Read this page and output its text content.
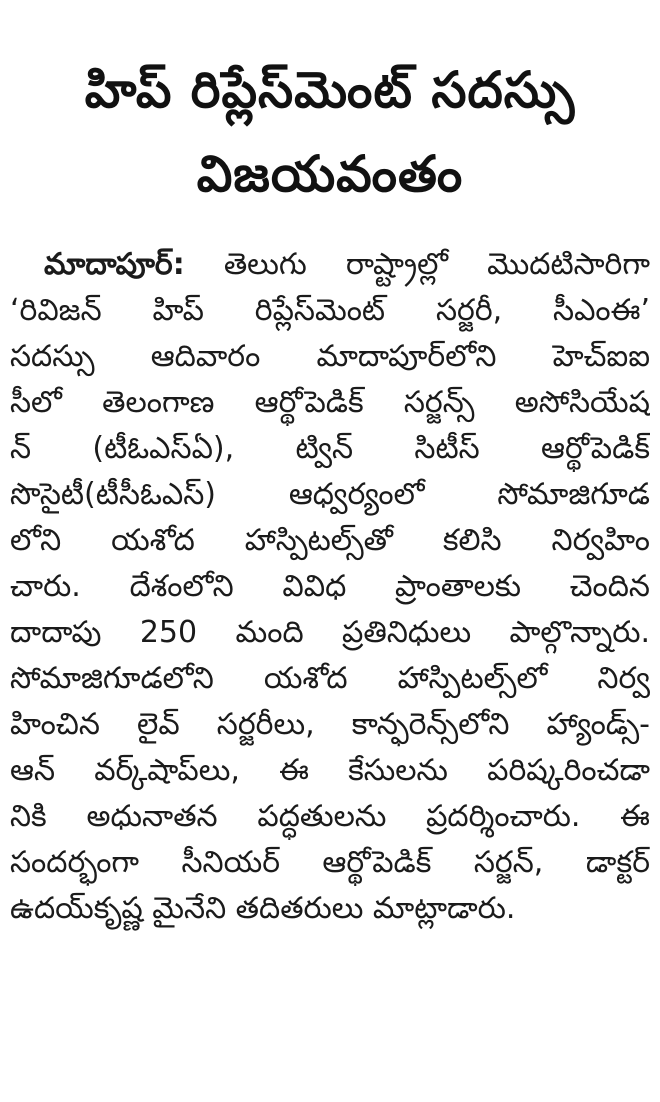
హిప్ రిప్లేస్‌మెంట్ సదస్సు
విజయవంతం
మాదాపూర్: తెలుగు రాష్ట్రాల్లో మొదటిసారిగా
‘రివిజన్ హిప్ రిప్లేస్‌మెంట్ సర్జరీ, సీఎంఈ’
సదస్సు ఆదివారం మాదాపూర్‌లోని హెచ్ఐఐ
సీలో తెలంగాణ ఆర్థోపెడిక్ సర్జన్స్ అసోసియేష
న్ (టీఓఎస్ఏ), ట్విన్ సిటీస్ ఆర్థోపెడిక్
సొసైటీ(టీసీఓఎస్) ఆధ్వర్యంలో సోమాజిగూడ
లోని యశోద హాస్పిటల్స్‌తో కలిసి నిర్వహిం
చారు. దేశంలోని వివిధ ప్రాంతాలకు చెందిన
దాదాపు 250 మంది ప్రతినిధులు పాల్గొన్నారు.
సోమాజిగూడలోని యశోద హాస్పిటల్స్‌లో నిర్వ
హించిన లైవ్ సర్జరీలు, కాన్ఫరెన్స్‌లోని హ్యాండ్స్-
ఆన్ వర్క్‌షాప్‌లు, ఈ కేసులను పరిష్కరించడా
నికి అధునాతన పద్ధతులను ప్రదర్శించారు. ఈ
సందర్భంగా సీనియర్ ఆర్థోపెడిక్ సర్జన్, డాక్టర్
ఉదయ్‌కృష్ణ మైనేని తదితరులు మాట్లాడారు.
